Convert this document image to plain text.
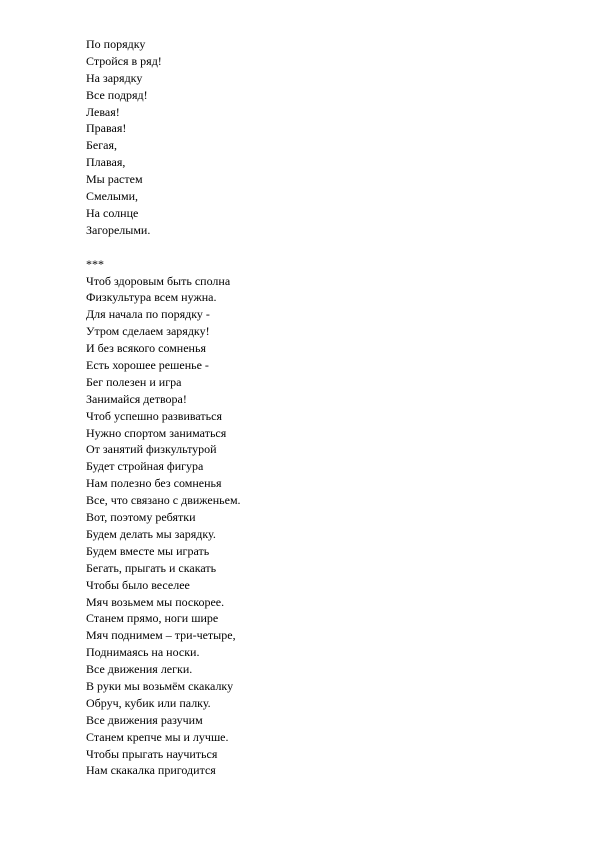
По порядку
Стройся в ряд!
На зарядку
Все подряд!
Левая!
Правая!
Бегая,
Плавая,
Мы растем
Смелыми,
На солнце
Загорелыми.
***
Чтоб здоровым быть сполна
Физкультура всем нужна.
Для начала по порядку -
Утром сделаем зарядку!
И без всякого сомненья
Есть хорошее решенье -
Бег полезен и игра
Занимайся детвора!
Чтоб успешно развиваться
Нужно спортом заниматься
От занятий физкультурой
Будет стройная фигура
Нам полезно без сомненья
Все, что связано с движеньем.
Вот, поэтому ребятки
Будем делать мы зарядку.
Будем вместе мы играть
Бегать, прыгать и скакать
Чтобы было веселее
Мяч возьмем мы поскорее.
Станем прямо, ноги шире
Мяч поднимем – три-четыре,
Поднимаясь на носки.
Все движения легки.
В руки мы возьмём скакалку
Обруч, кубик или палку.
Все движения разучим
Станем крепче мы и лучше.
Чтобы прыгать научиться
Нам скакалка пригодится
